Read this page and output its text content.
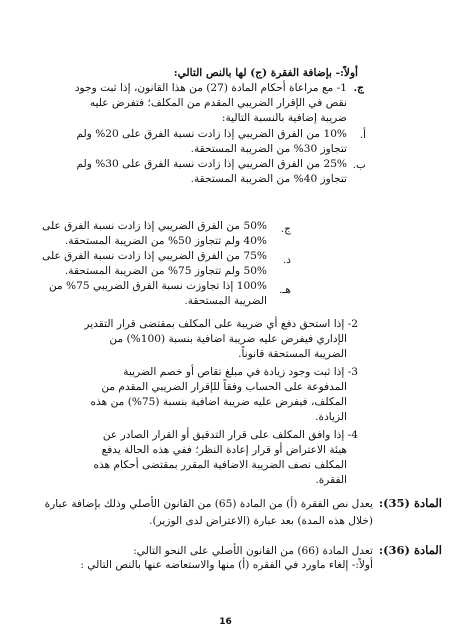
أولاً:- بإضافة الفقرة (ج) لها بالنص التالي:
ج.
1- مع مراعاة أحكام المادة (27) من هذا القانون، إذا ثبت وجود
نقص في الإقرار الضريبي المقدم من المكلف؛ فتفرض عليه
ضريبة إضافية بالنسبة التالية:
أ.
10% من الفرق الضريبي إذا زادت نسبة الفرق على 20% ولم
تتجاوز 30% من الضريبة المستحقة.
ب.
25% من الفرق الضريبي إذا زادت نسبة الفرق على 30% ولم
تتجاوز 40% من الضريبة المستحقة.
ج.
50% من الفرق الضريبي إذا زادت نسبة الفرق على
40% ولم تتجاوز 50% من الضريبة المستحقة.
د.
75% من الفرق الضريبي إذا زادت نسبة الفرق على
50% ولم تتجاوز 75% من الضريبة المستحقة.
هـ.
100% إذا تجاوزت نسبة الفرق الضريبي 75% من
الضريبة المستحقة.
2- إذا استحق دفع أي ضريبة على المكلف بمقتضى قرار التقدير
الإداري فيفرض عليه ضريبة اضافية بنسبة (100%) من
الضريبة المستحقة قانوناً.
3- إذا ثبت وجود زيادة في مبلغ تقاص أو خصم الضريبة
المدفوعة على الحساب وفقاً للإقرار الضريبي المقدم من
المكلف، فيفرض عليه ضريبة اضافية بنسبة (75%) من هذه
الزيادة.
4- إذا وافق المكلف على قرار التدقيق أو القرار الصادر عن
هيئة الاعتراض أو قرار إعادة النظر؛ ففي هذه الحالة يدفع
المكلف نصف الضريبة الاضافية المقرر بمقتضى أحكام هذه
الفقرة.
المادة (35):
يعدل نص الفقرة (أ) من المادة (65) من القانون الأصلي وذلك بإضافة عبارة
(خلال هذه المدة) بعد عبارة (الاعتراض لدى الوزير).
المادة (36):
تعدل المادة (66) من القانون الأصلي على النحو التالي:
أولاً:- إلغاء ماورد في الفقره (أ) منها والاستعاضه عنها بالنص التالي :
16
